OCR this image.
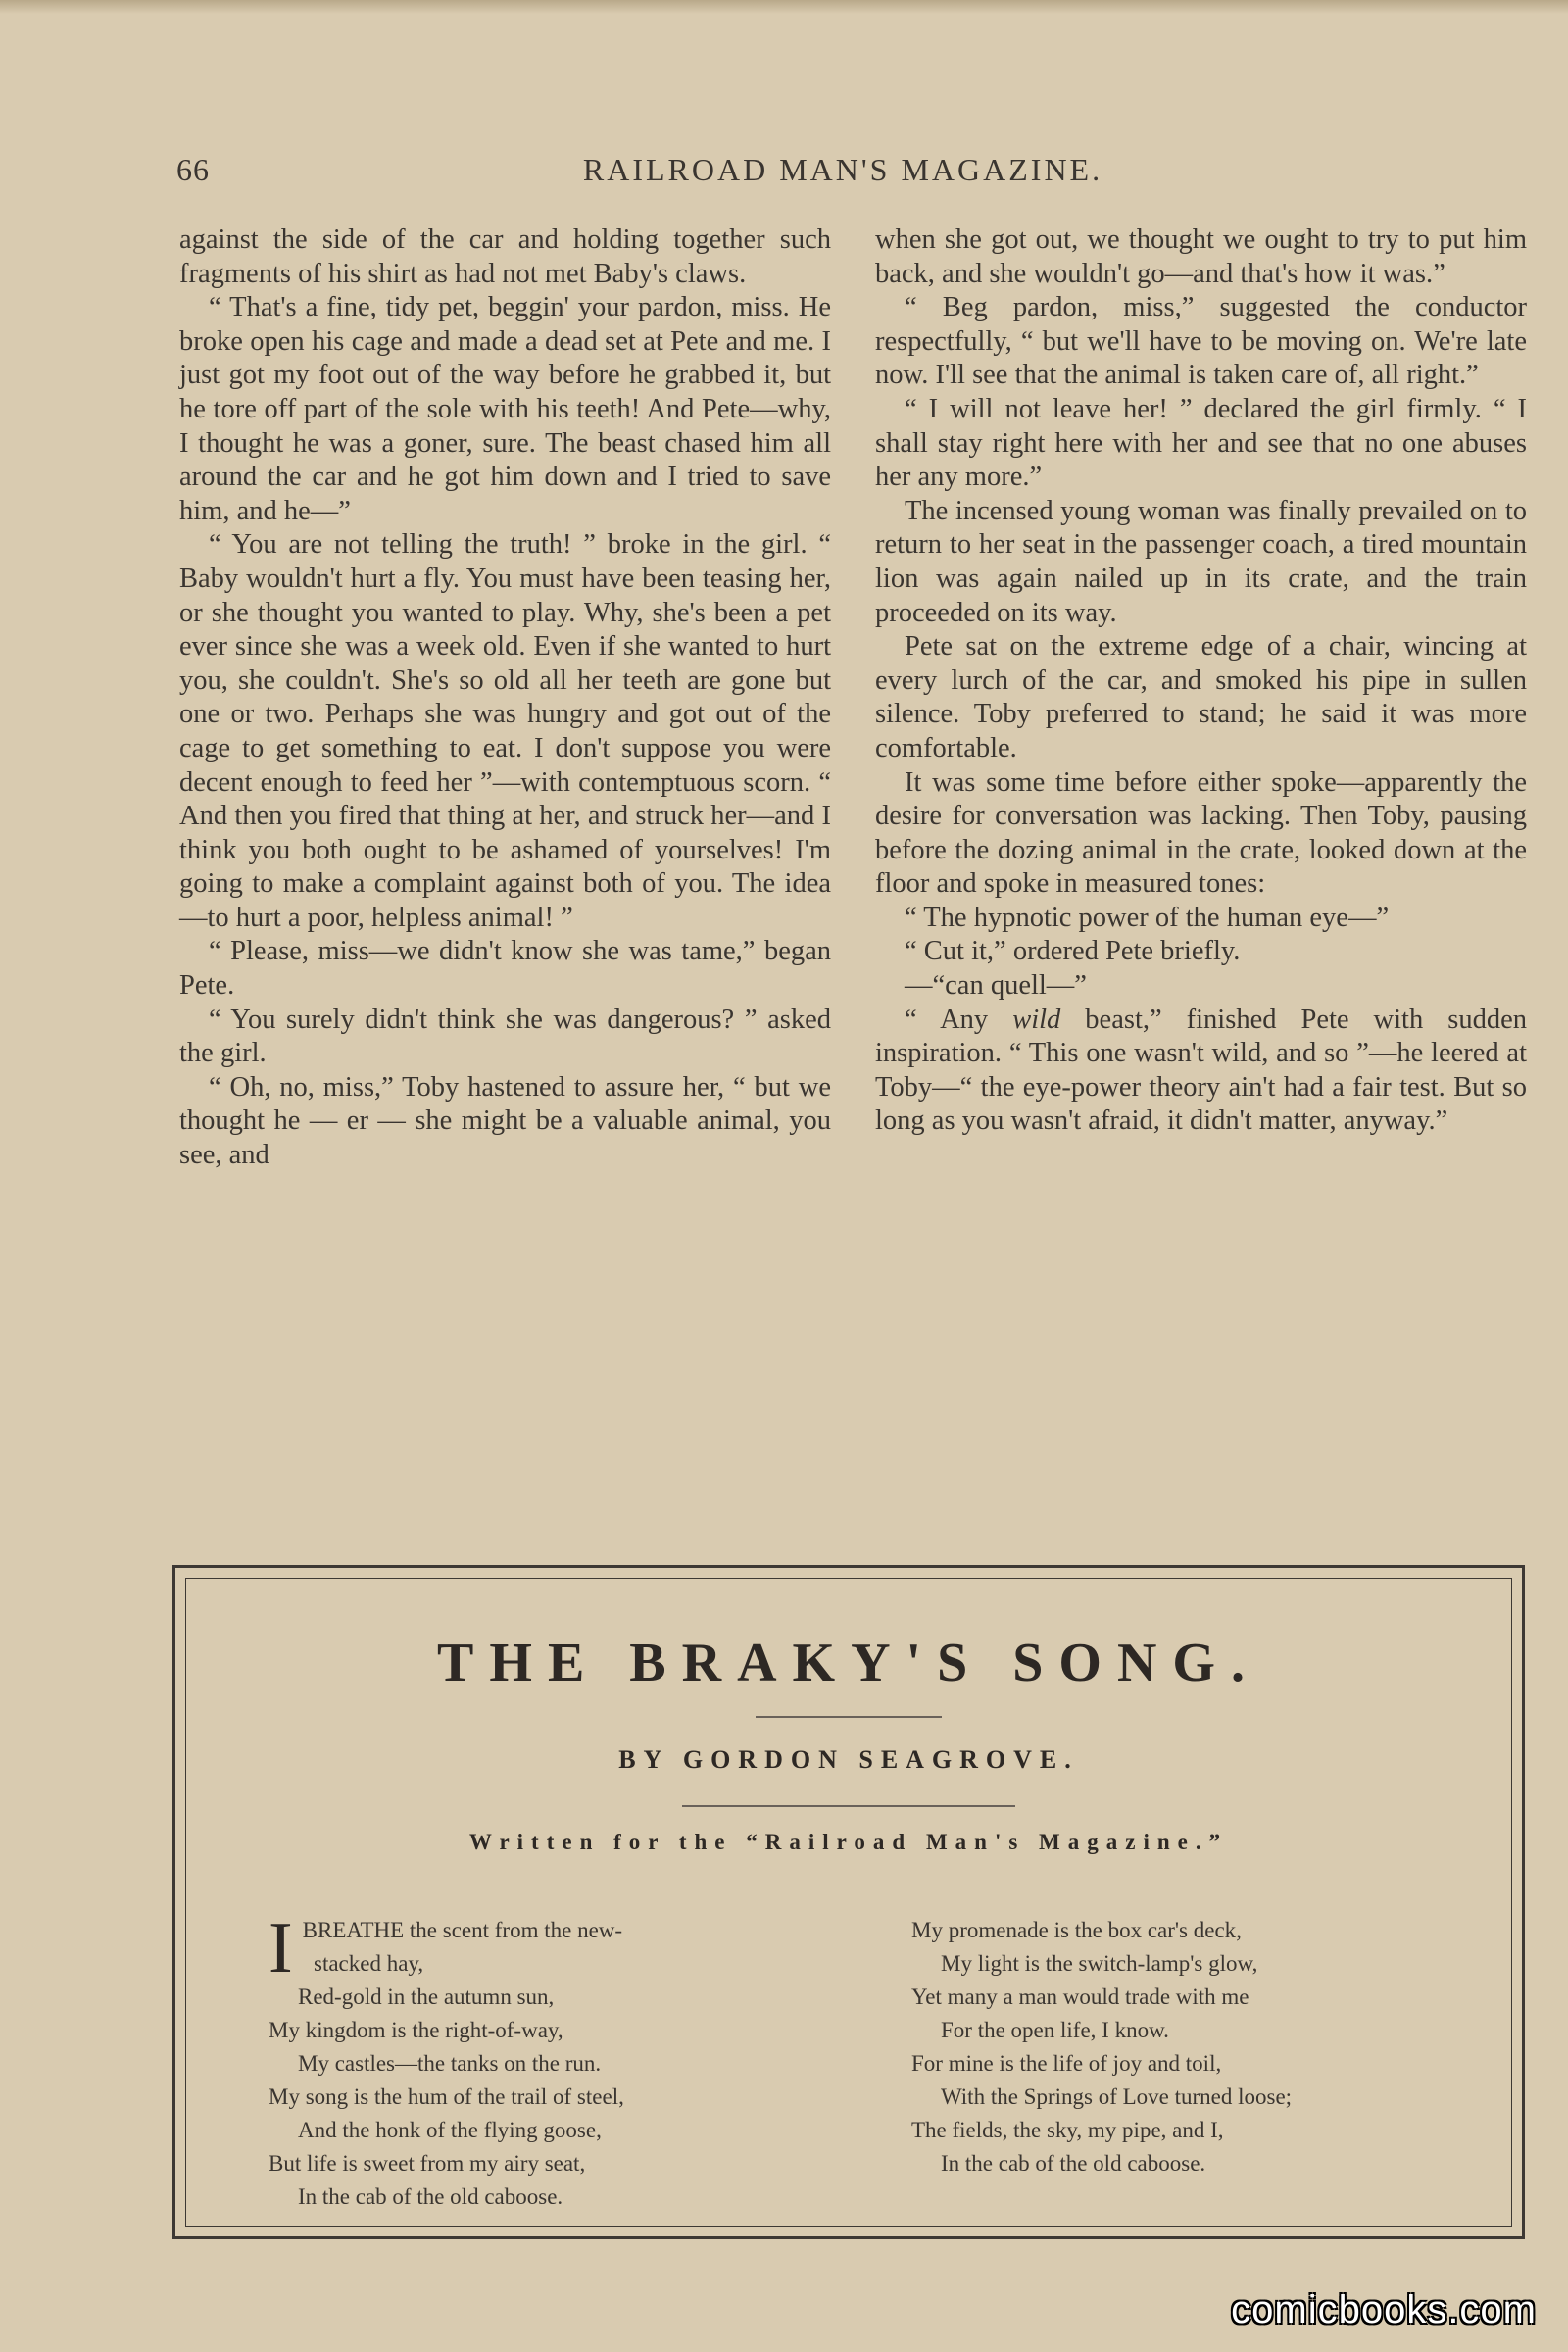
66	RAILROAD MAN'S MAGAZINE.

against the side of the car and holding together such fragments of his shirt as had not met Baby's claws.

“ That's a fine, tidy pet, beggin' your pardon, miss. He broke open his cage and made a dead set at Pete and me. I just got my foot out of the way before he grabbed it, but he tore off part of the sole with his teeth! And Pete—why, I thought he was a goner, sure. The beast chased him all around the car and he got him down and I tried to save him, and he—”

“ You are not telling the truth! ” broke in the girl. “ Baby wouldn't hurt a fly. You must have been teasing her, or she thought you wanted to play. Why, she's been a pet ever since she was a week old. Even if she wanted to hurt you, she couldn't. She's so old all her teeth are gone but one or two. Perhaps she was hungry and got out of the cage to get something to eat. I don't suppose you were decent enough to feed her ”—with contemptuous scorn. “ And then you fired that thing at her, and struck her—and I think you both ought to be ashamed of yourselves! I'm going to make a complaint against both of you. The idea—to hurt a poor, helpless animal! ”

“ Please, miss—we didn't know she was tame,” began Pete.

“ You surely didn't think she was dangerous? ” asked the girl.

“ Oh, no, miss,” Toby hastened to assure her, “ but we thought he — er — she might be a valuable animal, you see, and

when she got out, we thought we ought to try to put him back, and she wouldn't go—and that's how it was.”

“ Beg pardon, miss,” suggested the conductor respectfully, “ but we'll have to be moving on. We're late now. I'll see that the animal is taken care of, all right.”

“ I will not leave her! ” declared the girl firmly. “ I shall stay right here with her and see that no one abuses her any more.”

The incensed young woman was finally prevailed on to return to her seat in the passenger coach, a tired mountain lion was again nailed up in its crate, and the train proceeded on its way.

Pete sat on the extreme edge of a chair, wincing at every lurch of the car, and smoked his pipe in sullen silence. Toby preferred to stand; he said it was more comfortable.

It was some time before either spoke—apparently the desire for conversation was lacking. Then Toby, pausing before the dozing animal in the crate, looked down at the floor and spoke in measured tones:

“ The hypnotic power of the human eye—”

“ Cut it,” ordered Pete briefly.

—“can quell—”

“ Any wild beast,” finished Pete with sudden inspiration. “ This one wasn't wild, and so ”—he leered at Toby—“ the eye-power theory ain't had a fair test. But so long as you wasn't afraid, it didn't matter, anyway.”

THE BRAKY'S SONG.
BY GORDON SEAGROVE.
Written for the “Railroad Man's Magazine.”
I BREATHE the scent from the new-
stacked hay,
Red-gold in the autumn sun,
My kingdom is the right-of-way,
My castles—the tanks on the run.
My song is the hum of the trail of steel,
And the honk of the flying goose,
But life is sweet from my airy seat,
In the cab of the old caboose.
My promenade is the box car's deck,
My light is the switch-lamp's glow,
Yet many a man would trade with me
For the open life, I know.
For mine is the life of joy and toil,
With the Springs of Love turned loose;
The fields, the sky, my pipe, and I,
In the cab of the old caboose.
comicbooks.com
